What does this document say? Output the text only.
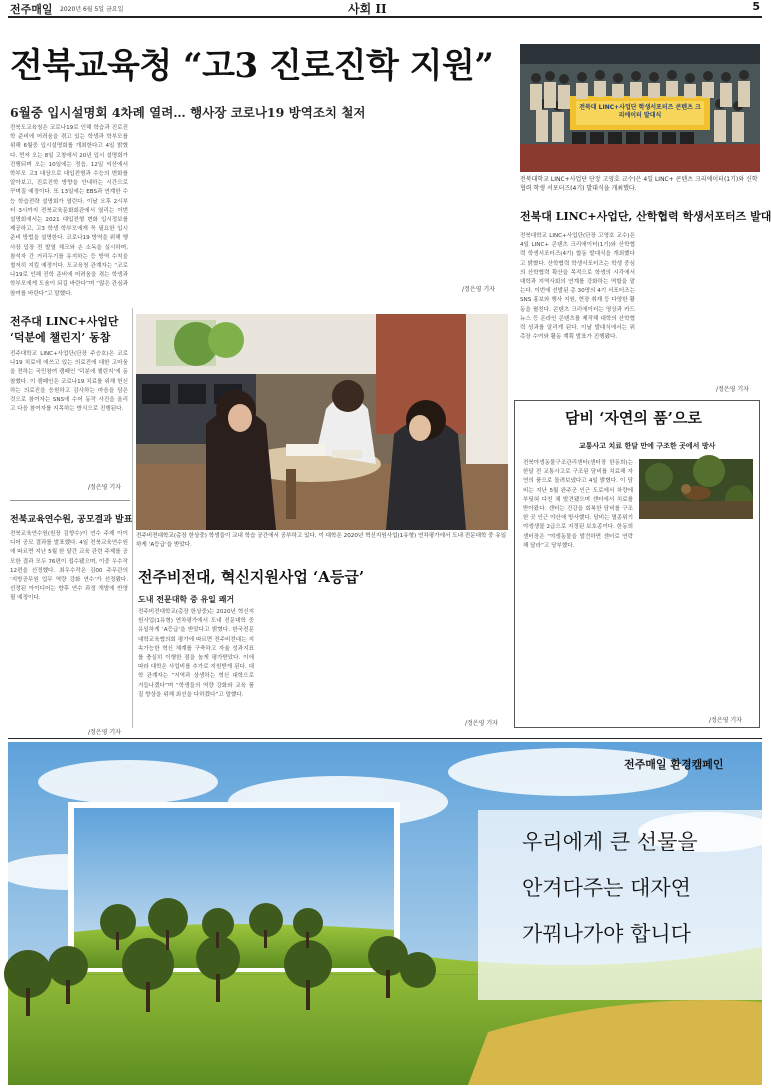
전주매일 2020년 6월 5일 금요일	사회 II	5
전북교육청 “고3 진로진학 지원”
6월중 입시설명회 4차례 열려… 행사장 코로나19 방역조치 철저
전북도교육청은 코로나19로 인해 학습과 진로진학 준비에 어려움을 겪고 있는 학생과 학부모를 위해 6월중 입시설명회를 개최한다고 4일 밝혔다. 먼저 오는 8일 고창에서 20년 입시 설명회가 진행되며 오는 10일에는 정읍, 12일 익산에서 학부모 고3 대상으로 대입전형과 수능의 변화를 알아보고, 진로진학 방향을 안내하는 시간으로 꾸며질 예정이다. 또 13일에는 EBS과 연계한 수능 학습전략 설명회가 열린다. 이날 오후 2시부터 3시까지 전북교육문화회관에서 열리는 이번 설명회에서는 2021 대입전형 변화 입시정보를 제공하고, 고3 학생 학부모에게 꼭 필요한 입시 준비 방법을 설명한다. 코로나19 방역을 위해 행사장 입장 전 발열 체크와 손 소독을 실시하며, 참석자 간 거리두기를 유지하는 등 방역 수칙을 철저히 지킬 예정이다. 도교육청 관계자는 “코로나19로 인해 진학 준비에 어려움을 겪는 학생과 학부모에게 도움이 되길 바란다”며 “많은 관심과 참여를 바란다”고 말했다.
/정은영 기자
전북대 LINC+사업단 학생서포터즈 콘텐츠 크리에이터 발대식
전북대학교 LINC+사업단 단장 고영호 교수)은 4일 LINC+ 콘텐츠 크리에이터(1기)와 신학협력 학생 서포터즈(4기) 발대식을 개최했다.
전북대 LINC+사업단, 산학협력 학생서포터즈 발대
전북대학교 LINC+사업단(단장 고영호 교수)은 4일 LINC+ 콘텐츠 크리에이터(1기)와 산학협력 학생서포터즈(4기) 합동 발대식을 개최했다고 밝혔다. 산학협력 학생서포터즈는 학생 중심의 산학협력 확산을 목적으로 학생의 시각에서 대학과 지역사회의 연계를 강화하는 역할을 맡는다. 이번에 선발된 총 30명의 4기 서포터즈는 SNS 홍보와 행사 지원, 현장 취재 등 다양한 활동을 펼친다. 콘텐츠 크리에이터는 영상과 카드뉴스 등 온라인 콘텐츠를 제작해 대학의 산학협력 성과를 알리게 된다. 이날 발대식에서는 위촉장 수여와 활동 계획 발표가 진행됐다.
/정은영 기자
전주대 LINC+사업단 ‘덕분에 챌린지’ 동참
전주대학교 LINC+사업단(단장 주승호)은 코로나19 치료에 애쓰고 있는 의료진에 대한 고마움을 전하는 국민참여 캠페인 ‘덕분에 챌린지’에 동참했다. 이 캠페인은 코로나19 치료를 위해 헌신하는 의료진을 응원하고 감사하는 마음을 담은 것으로 참여자는 SNS에 수어 동작 사진을 올리고 다음 참여자를 지목하는 방식으로 진행된다.
/정은영 기자
전북교육연수원, 공모결과 발표
전북교육연수원(원장 김향수)이 연수 주제 아이디어 공모 결과를 발표했다. 4일 전북교육연수원에 따르면 지난 5월 한 달간 교육 관련 주제를 공모한 결과 모두 76편이 접수됐으며, 이중 우수작 12편을 선정했다. 최우수작은 김00 주무관의 ‘지방공무원 업무 역량 강화 연수’가 선정됐다. 선정된 아이디어는 향후 연수 과정 개발에 반영될 예정이다.
/정은영 기자
전주비전대학교(총장 한상중) 학생들이 교내 학습 공간에서 공부하고 있다. 이 대학은 2020년 혁신지원사업(1유형) 연차평가에서 도내 전문대학 중 유일하게 ‘A등급’을 받았다.
전주비전대, 혁신지원사업 ‘A등급’
도내 전문대학 중 유일 쾌거
전주비전대학교(총장 한상중)는 2020년 혁신지원사업(1유형) 연차평가에서 도내 전문대학 중 유일하게 ‘A등급’을 받았다고 밝혔다. 한국전문대학교육협의회 평가에 따르면 전주비전대는 지속가능한 혁신 체계를 구축하고 자율 성과지표를 충실히 이행한 점을 높게 평가받았다. 이에 따라 대학은 사업비를 추가로 지원받게 된다. 대학 관계자는 “지역과 상생하는 혁신 대학으로 거듭나겠다”며 “학생들의 역량 강화와 교육 품질 향상을 위해 최선을 다하겠다”고 말했다.
/정은영 기자
담비 ‘자연의 품’으로
교통사고 치료 한달 만에 구조한 곳에서 방사
전북야생동물구조관리센터(센터장 한동희)는 한달 전 교통사고로 구조된 담비를 치료해 자연의 품으로 돌려보냈다고 4일 밝혔다. 이 담비는 지난 5월 완주군 인근 도로에서 차량에 부딪혀 다친 채 발견됐으며 센터에서 치료를 받아왔다. 센터는 건강을 회복한 담비를 구조한 곳 인근 야산에 방사했다. 담비는 멸종위기 야생생물 2급으로 지정된 보호종이다. 한동희 센터장은 “야생동물을 발견하면 센터로 연락해 달라”고 당부했다.
/정은영 기자
전주매일 환경캠페인
우리에게 큰 선물을
안겨다주는 대자연
가꿔나가야 합니다
